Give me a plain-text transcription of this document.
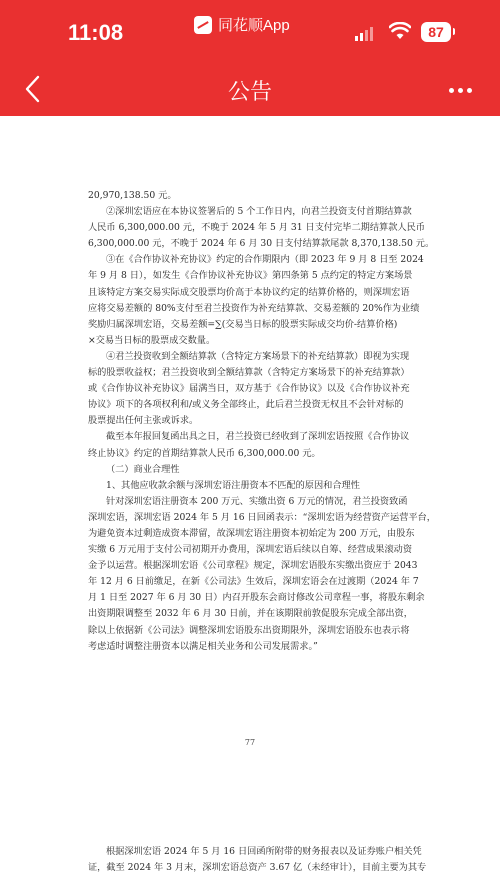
11:08	同花顺App	87
公告

20,970,138.50 元。

②深圳宏语应在本协议签署后的 5 个工作日内，向君兰投资支付首期结算款

人民币 6,300,000.00 元，不晚于 2024 年 5 月 31 日支付完毕二期结算款人民币

6,300,000.00 元，不晚于 2024 年 6 月 30 日支付结算款尾款 8,370,138.50 元。

③在《合作协议补充协议》约定的合作期限内（即 2023 年 9 月 8 日至 2024

年 9 月 8 日），如发生《合作协议补充协议》第四条第 5 点约定的特定方案场景

且该特定方案交易实际成交股票均价高于本协议约定的结算价格的，则深圳宏语

应将交易差额的 80%支付至君兰投资作为补充结算款、交易差额的 20%作为业绩

奖励归属深圳宏语，交易差额=∑(交易当日标的股票实际成交均价-结算价格)

×交易当日标的股票成交数量。

④君兰投资收到全额结算款（含特定方案场景下的补充结算款）即视为实现

标的股票收益权；君兰投资收到全额结算款（含特定方案场景下的补充结算款）

或《合作协议补充协议》届满当日，双方基于《合作协议》以及《合作协议补充

协议》项下的各项权利和/或义务全部终止，此后君兰投资无权且不会针对标的

股票提出任何主张或诉求。

截至本年报回复函出具之日，君兰投资已经收到了深圳宏语按照《合作协议

终止协议》约定的首期结算款人民币 6,300,000.00 元。

（二）商业合理性

1、其他应收款余额与深圳宏语注册资本不匹配的原因和合理性

针对深圳宏语注册资本 200 万元、实缴出资 6 万元的情况，君兰投资致函

深圳宏语，深圳宏语 2024 年 5 月 16 日回函表示：“深圳宏语为经营资产运营平台，

为避免资本过剩造成资本滞留，故深圳宏语注册资本初始定为 200 万元，由股东

实缴 6 万元用于支付公司初期开办费用，深圳宏语后续以自筹、经营成果滚动资

金予以运营。根据深圳宏语《公司章程》规定，深圳宏语股东实缴出资应于 2043

年 12 月 6 日前缴足，在新《公司法》生效后，深圳宏语会在过渡期（2024 年 7

月 1 日至 2027 年 6 月 30 日）内召开股东会商讨修改公司章程一事，将股东剩余

出资期限调整至 2032 年 6 月 30 日前，并在该期限前敦促股东完成全部出资，

除以上依据新《公司法》调整深圳宏语股东出资期限外，深圳宏语股东也表示将

考虑适时调整注册资本以满足相关业务和公司发展需求。”

77

根据深圳宏语 2024 年 5 月 16 日回函所附带的财务报表以及证券账户相关凭

证，截至 2024 年 3 月末，深圳宏语总资产 3.67 亿（未经审计），目前主要为其专
